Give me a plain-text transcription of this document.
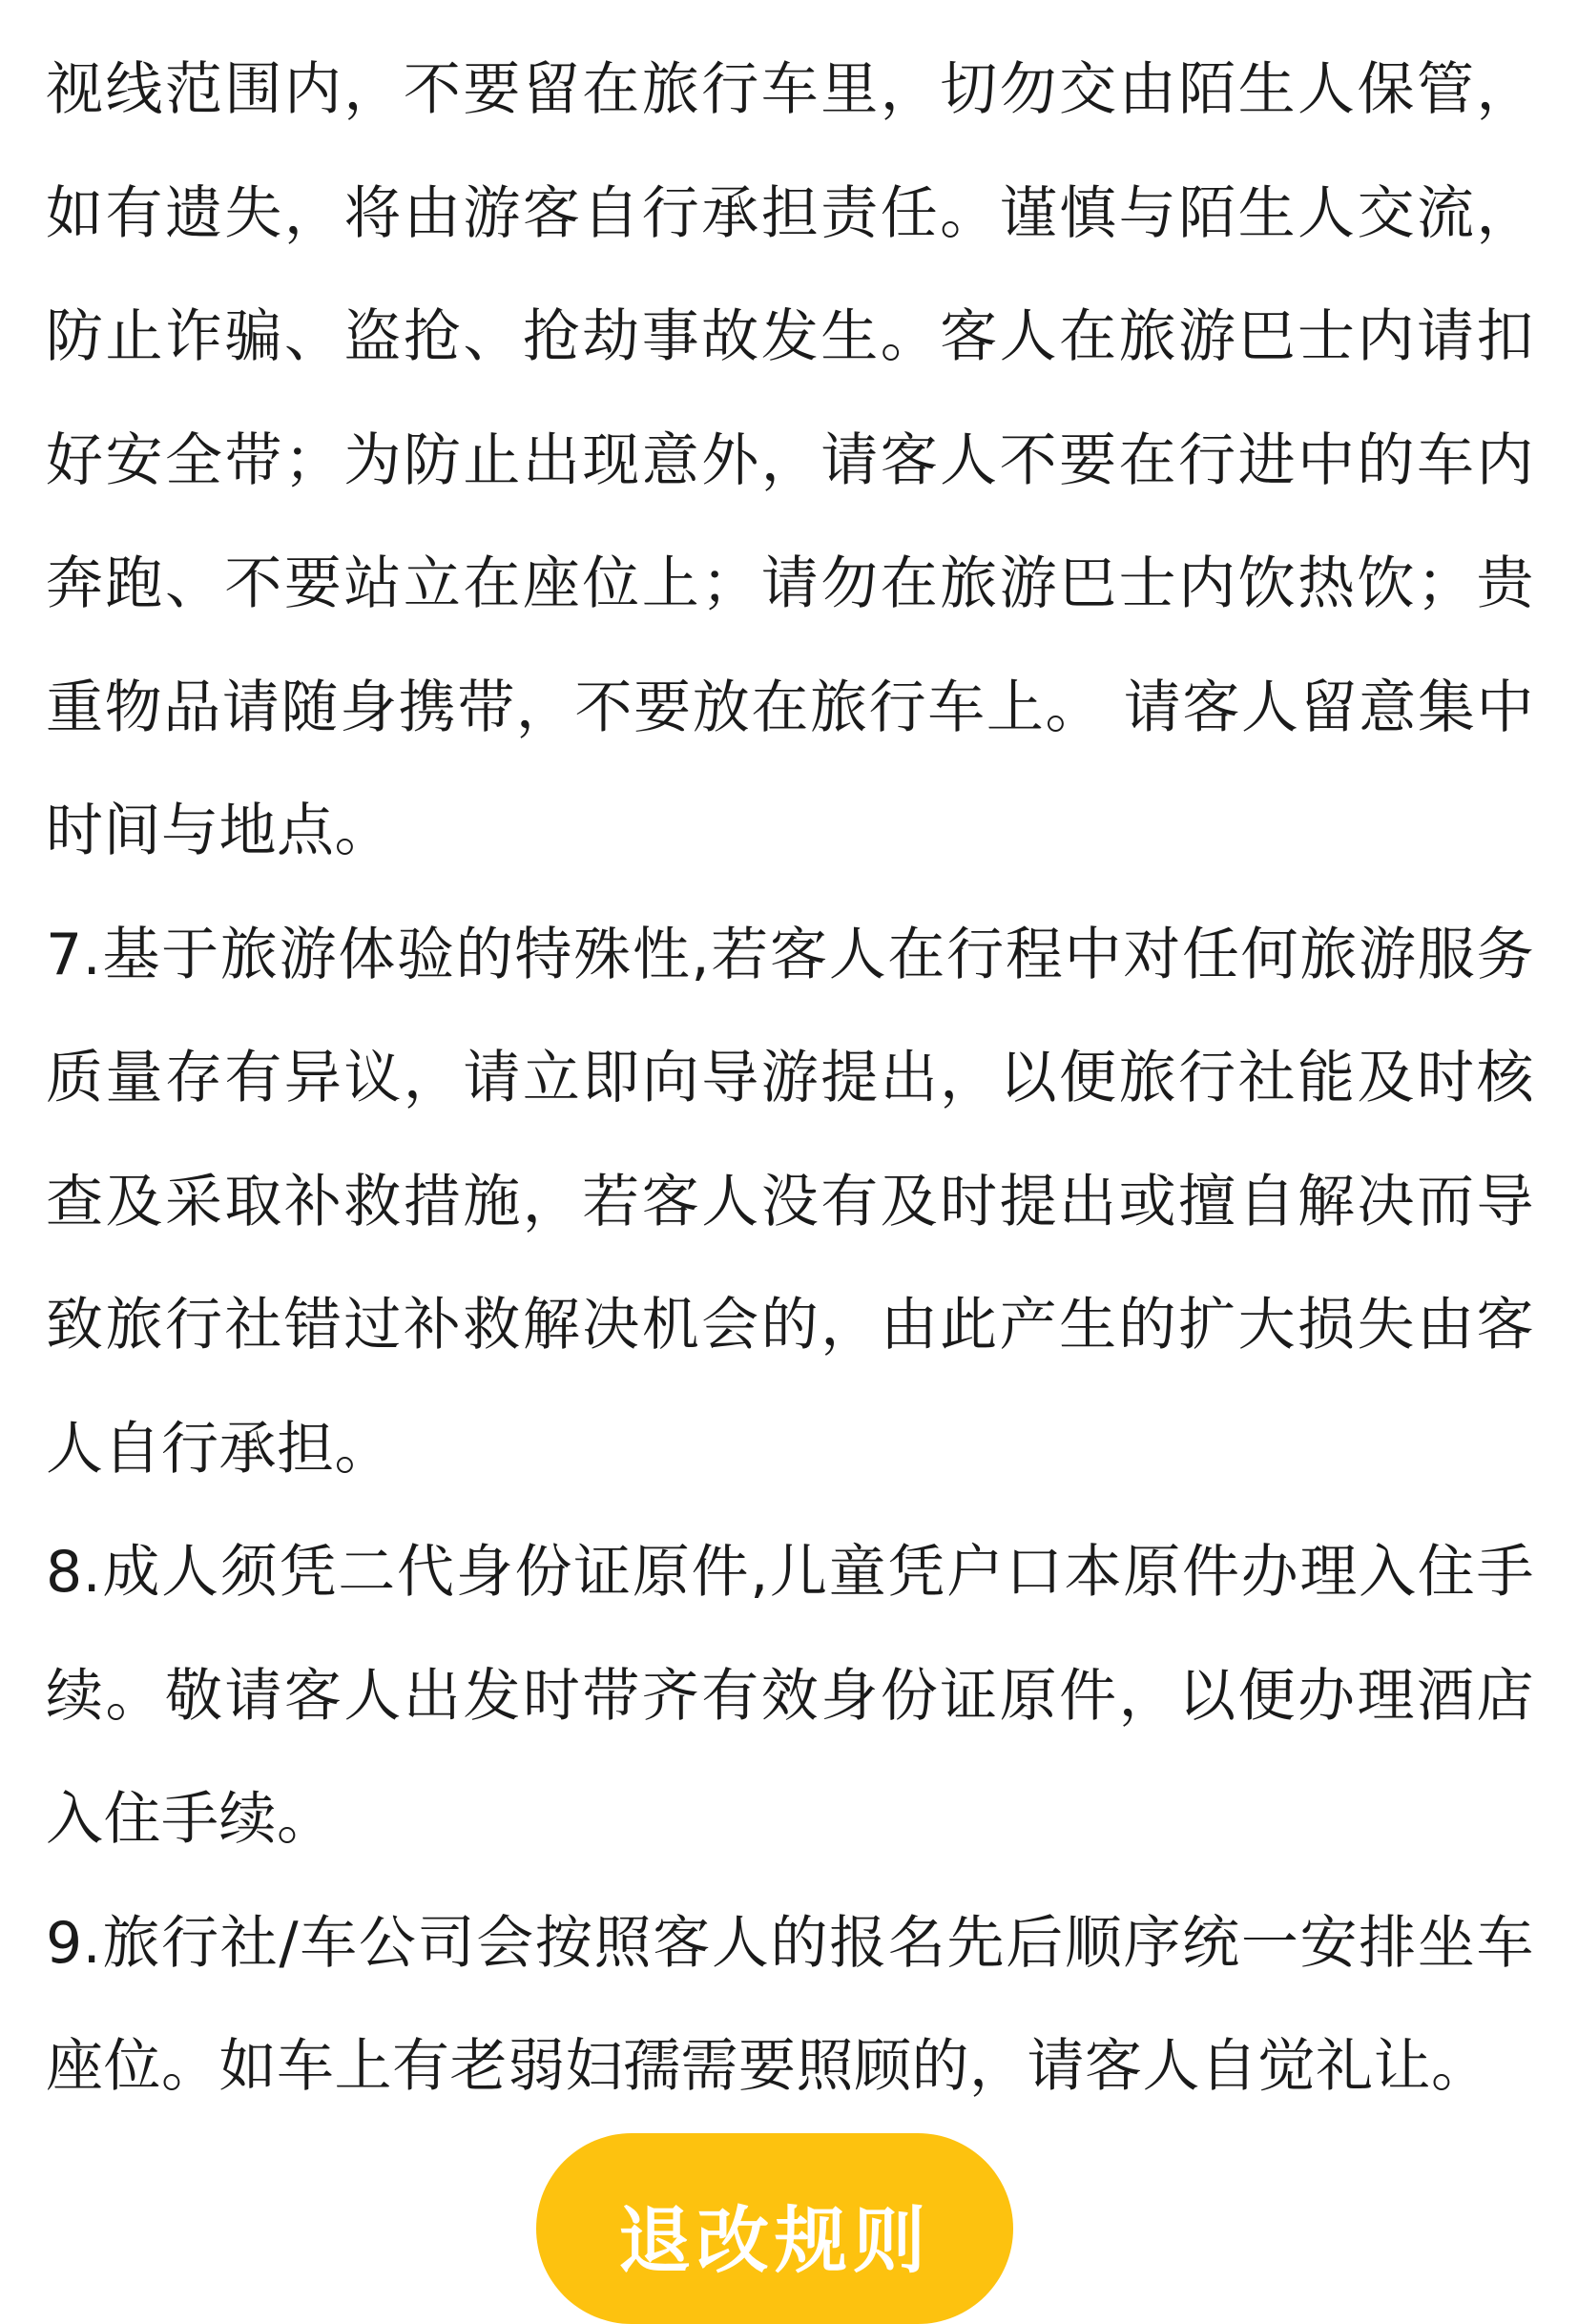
视线范围内，不要留在旅行车里，切勿交由陌生人保管，如有遗失，将由游客自行承担责任。谨慎与陌生人交流，防止诈骗、盗抢、抢劫事故发生。客人在旅游巴士内请扣好安全带；为防止出现意外，请客人不要在行进中的车内奔跑、不要站立在座位上；请勿在旅游巴士内饮热饮；贵重物品请随身携带，不要放在旅行车上。 请客人留意集中时间与地点。

7.基于旅游体验的特殊性,若客人在行程中对任何旅游服务质量存有异议，请立即向导游提出，以便旅行社能及时核查及采取补救措施，若客人没有及时提出或擅自解决而导致旅行社错过补救解决机会的，由此产生的扩大损失由客人自行承担。

8.成人须凭二代身份证原件,儿童凭户口本原件办理入住手续。敬请客人出发时带齐有效身份证原件，以便办理酒店入住手续。

9.旅行社/车公司会按照客人的报名先后顺序统一安排坐车座位。如车上有老弱妇孺需要照顾的，请客人自觉礼让。

退改规则
